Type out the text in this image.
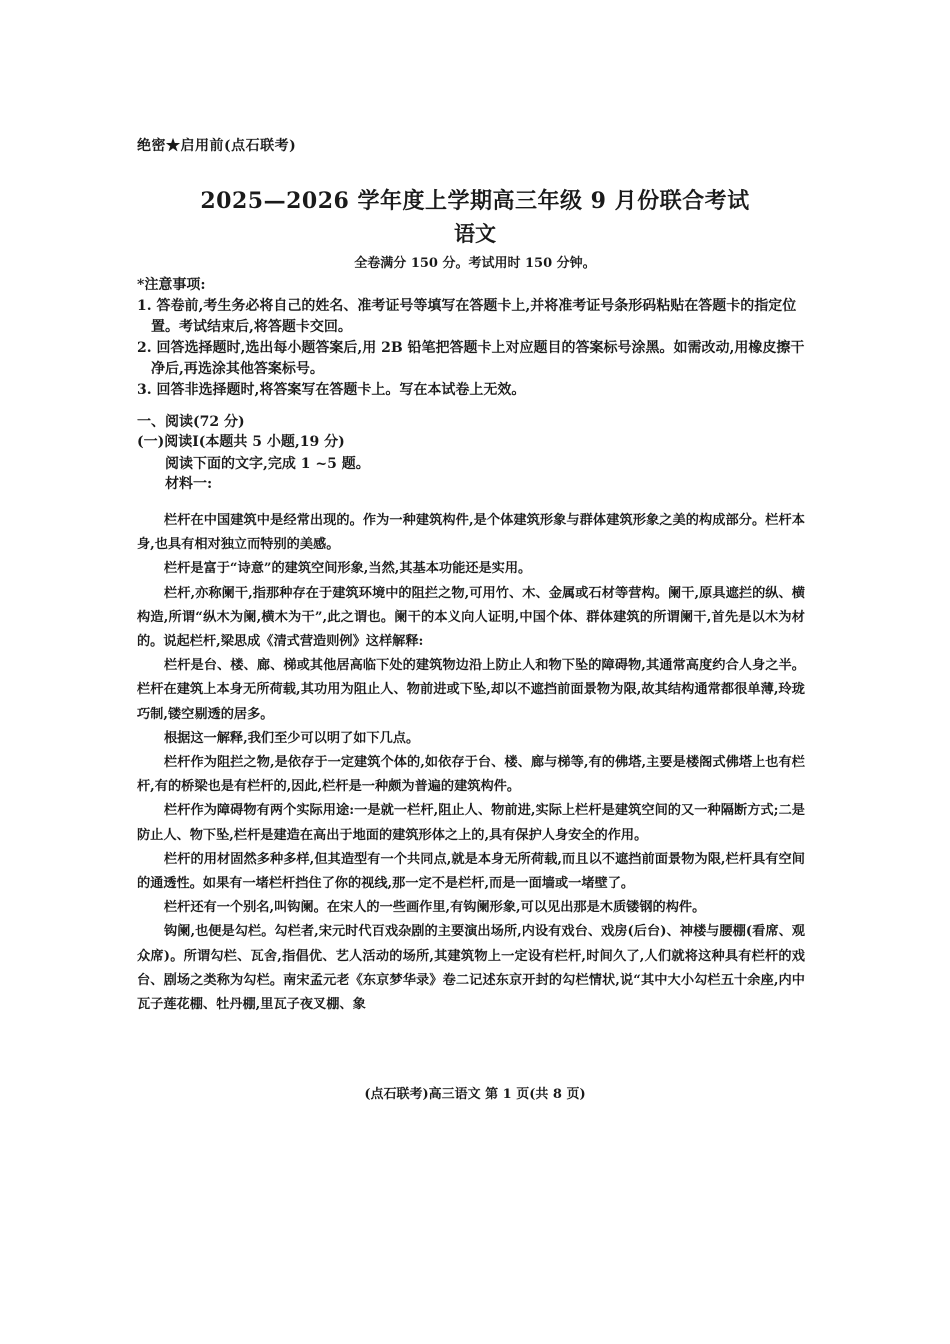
绝密★启用前(点石联考)
2025—2026 学年度上学期高三年级 9 月份联合考试
语文
全卷满分 150 分。考试用时 150 分钟。

*注意事项:

1. 答卷前,考生务必将自己的姓名、准考证号等填写在答题卡上,并将准考证号条形码粘贴在答题卡的指定位置。考试结束后,将答题卡交回。
2. 回答选择题时,选出每小题答案后,用 2B 铅笔把答题卡上对应题目的答案标号涂黑。如需改动,用橡皮擦干净后,再选涂其他答案标号。
3. 回答非选择题时,将答案写在答题卡上。写在本试卷上无效。

一、阅读(72 分)

(一)阅读Ⅰ(本题共 5 小题,19 分)

阅读下面的文字,完成 1 ~5 题。

材料一:

栏杆在中国建筑中是经常出现的。作为一种建筑构件,是个体建筑形象与群体建筑形象之美的构成部分。栏杆本身,也具有相对独立而特别的美感。

栏杆是富于“诗意”的建筑空间形象,当然,其基本功能还是实用。

栏杆,亦称阑干,指那种存在于建筑环境中的阻拦之物,可用竹、木、金属或石材等营构。阑干,原具遮拦的纵、横构造,所谓“纵木为阑,横木为干”,此之谓也。阑干的本义向人证明,中国个体、群体建筑的所谓阑干,首先是以木为材的。说起栏杆,梁思成《清式营造则例》这样解释:

栏杆是台、楼、廊、梯或其他居高临下处的建筑物边沿上防止人和物下坠的障碍物,其通常高度约合人身之半。栏杆在建筑上本身无所荷载,其功用为阻止人、物前进或下坠,却以不遮挡前面景物为限,故其结构通常都很单薄,玲珑巧制,镂空剔透的居多。

根据这一解释,我们至少可以明了如下几点。

栏杆作为阻拦之物,是依存于一定建筑个体的,如依存于台、楼、廊与梯等,有的佛塔,主要是楼阁式佛塔上也有栏杆,有的桥梁也是有栏杆的,因此,栏杆是一种颇为普遍的建筑构件。

栏杆作为障碍物有两个实际用途:一是就一栏杆,阻止人、物前进,实际上栏杆是建筑空间的又一种隔断方式;二是防止人、物下坠,栏杆是建造在高出于地面的建筑形体之上的,具有保护人身安全的作用。

栏杆的用材固然多种多样,但其造型有一个共同点,就是本身无所荷载,而且以不遮挡前面景物为限,栏杆具有空间的通透性。如果有一堵栏杆挡住了你的视线,那一定不是栏杆,而是一面墙或一堵壁了。

栏杆还有一个别名,叫钩阑。在宋人的一些画作里,有钩阑形象,可以见出那是木质镂钢的构件。

钩阑,也便是勾栏。勾栏者,宋元时代百戏杂剧的主要演出场所,内设有戏台、戏房(后台)、神楼与腰棚(看席、观众席)。所谓勾栏、瓦舍,指倡优、艺人活动的场所,其建筑物上一定设有栏杆,时间久了,人们就将这种具有栏杆的戏台、剧场之类称为勾栏。南宋孟元老《东京梦华录》卷二记述东京开封的勾栏情状,说“其中大小勾栏五十余座,内中瓦子莲花棚、牡丹棚,里瓦子夜叉棚、象

(点石联考)高三语文 第 1 页(共 8 页)
